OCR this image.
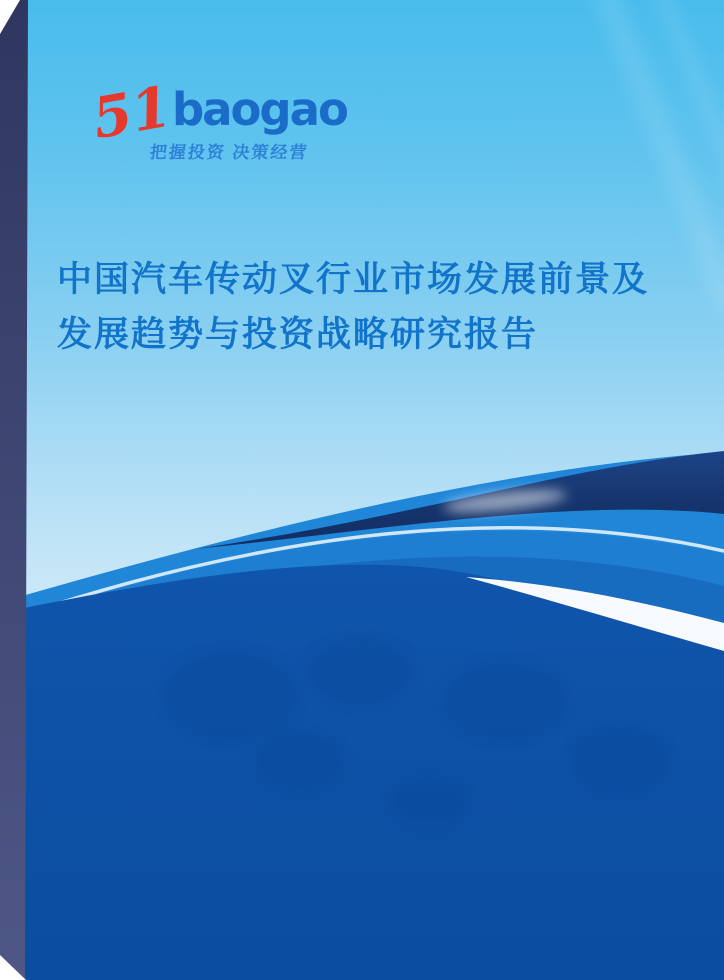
51
baogao
把握投资 决策经营
中国汽车传动叉行业市场发展前景及
发展趋势与投资战略研究报告
